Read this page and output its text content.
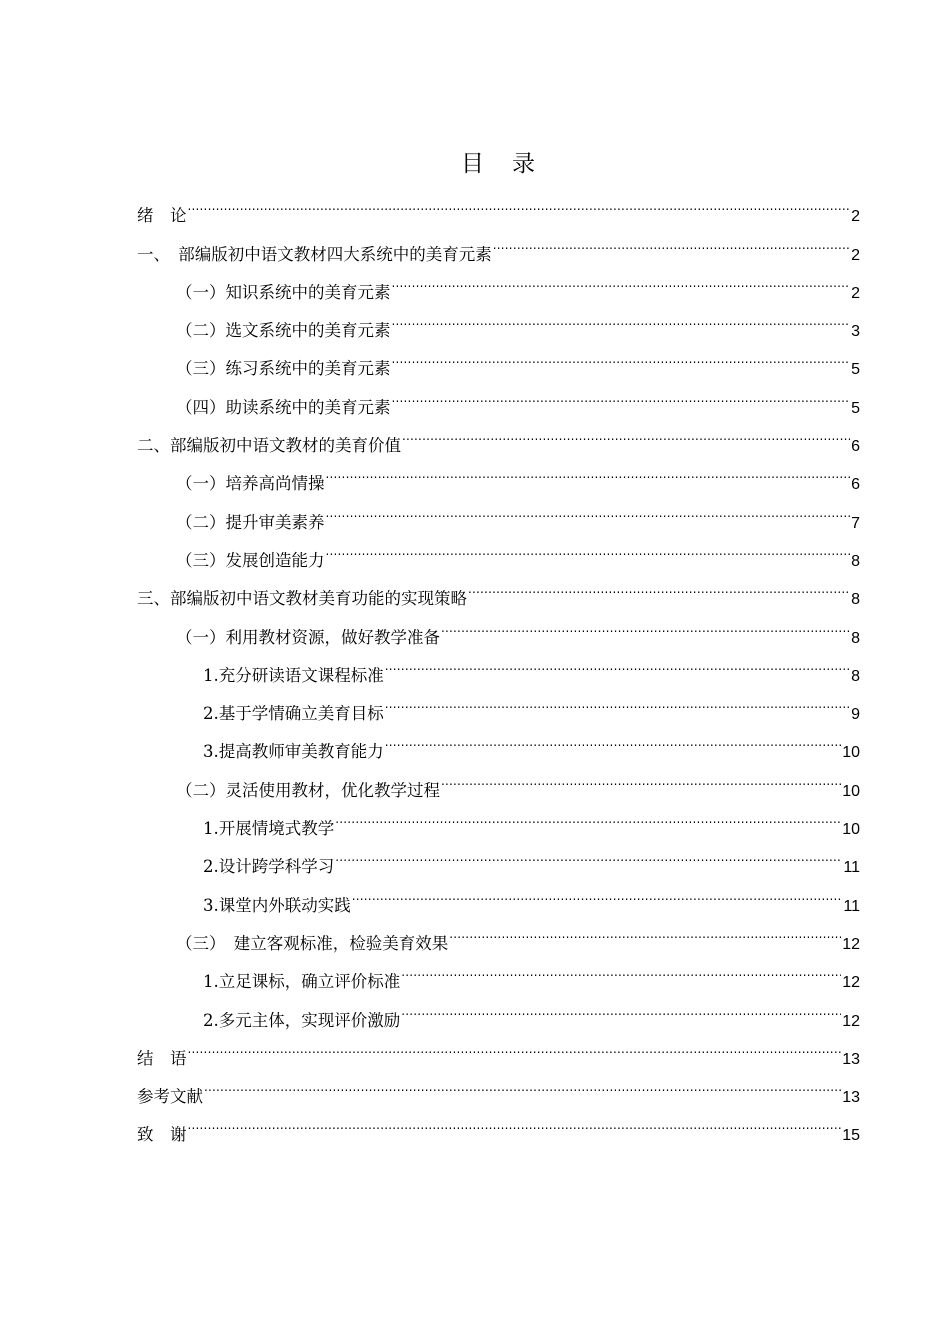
目 录
绪　论 .....	2
一、　部编版初中语文教材四大系统中的美育元素 .....	2
（一）知识系统中的美育元素 .....	2
（二）选文系统中的美育元素 .....	3
（三）练习系统中的美育元素 .....	5
（四）助读系统中的美育元素 .....	5
二、部编版初中语文教材的美育价值 .....	6
（一）培养高尚情操 .....	6
（二）提升审美素养 .....	7
（三）发展创造能力 .....	8
三、部编版初中语文教材美育功能的实现策略 .....	8
（一）利用教材资源，做好教学准备 .....	8
1.充分研读语文课程标准 .....	8
2.基于学情确立美育目标 .....	9
3.提高教师审美教育能力 .....	10
（二）灵活使用教材，优化教学过程 .....	10
1.开展情境式教学 .....	10
2.设计跨学科学习 .....	11
3.课堂内外联动实践 .....	11
（三）　建立客观标准，检验美育效果 .....	12
1.立足课标，确立评价标准 .....	12
2.多元主体，实现评价激励 .....	12
结　语 .....	13
参考文献 .....	13
致　谢 .....	15
